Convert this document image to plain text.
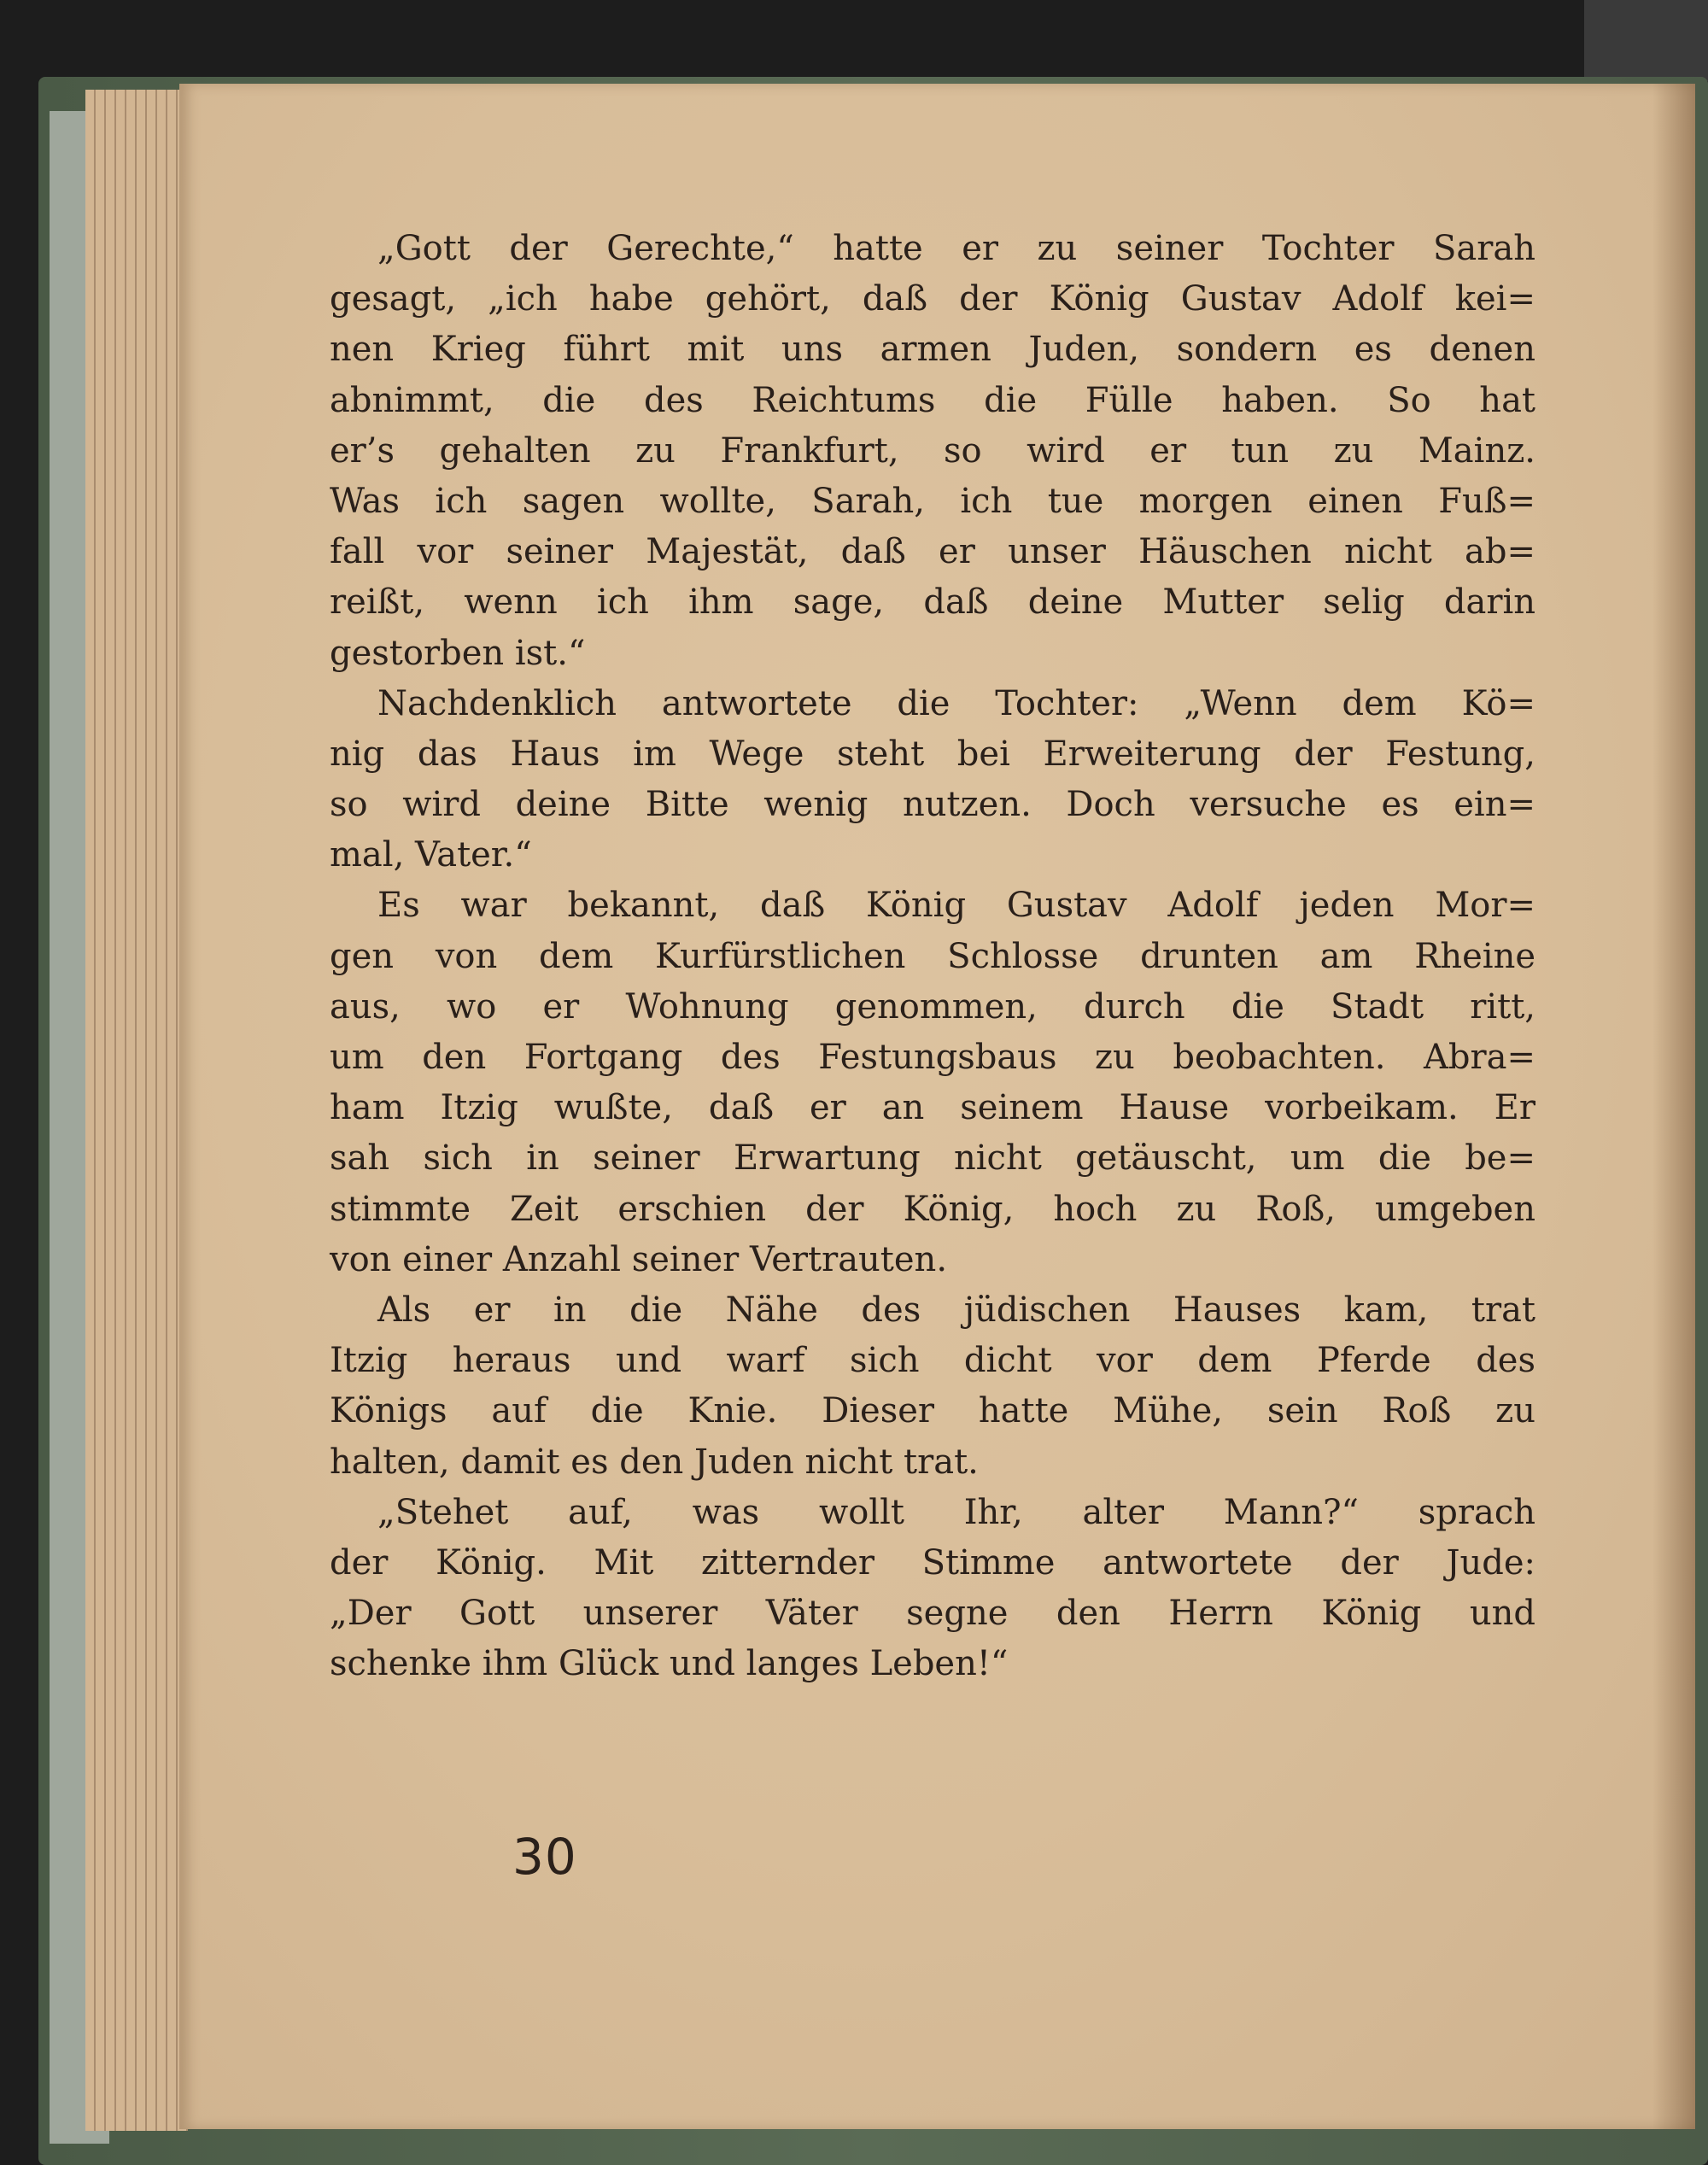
„Gott der Gerechte,“ hatte er zu seiner Tochter Sarah
gesagt, „ich habe gehört, daß der König Gustav Adolf kei=
nen Krieg führt mit uns armen Juden, sondern es denen
abnimmt, die des Reichtums die Fülle haben. So hat
er’s gehalten zu Frankfurt, so wird er tun zu Mainz.
Was ich sagen wollte, Sarah, ich tue morgen einen Fuß=
fall vor seiner Majestät, daß er unser Häuschen nicht ab=
reißt, wenn ich ihm sage, daß deine Mutter selig darin
gestorben ist.“
Nachdenklich antwortete die Tochter: „Wenn dem Kö=
nig das Haus im Wege steht bei Erweiterung der Festung,
so wird deine Bitte wenig nutzen. Doch versuche es ein=
mal, Vater.“
Es war bekannt, daß König Gustav Adolf jeden Mor=
gen von dem Kurfürstlichen Schlosse drunten am Rheine
aus, wo er Wohnung genommen, durch die Stadt ritt,
um den Fortgang des Festungsbaus zu beobachten. Abra=
ham Itzig wußte, daß er an seinem Hause vorbeikam. Er
sah sich in seiner Erwartung nicht getäuscht, um die be=
stimmte Zeit erschien der König, hoch zu Roß, umgeben
von einer Anzahl seiner Vertrauten.
Als er in die Nähe des jüdischen Hauses kam, trat
Itzig heraus und warf sich dicht vor dem Pferde des
Königs auf die Knie. Dieser hatte Mühe, sein Roß zu
halten, damit es den Juden nicht trat.
„Stehet auf, was wollt Ihr, alter Mann?“ sprach
der König. Mit zitternder Stimme antwortete der Jude:
„Der Gott unserer Väter segne den Herrn König und
schenke ihm Glück und langes Leben!“
30
